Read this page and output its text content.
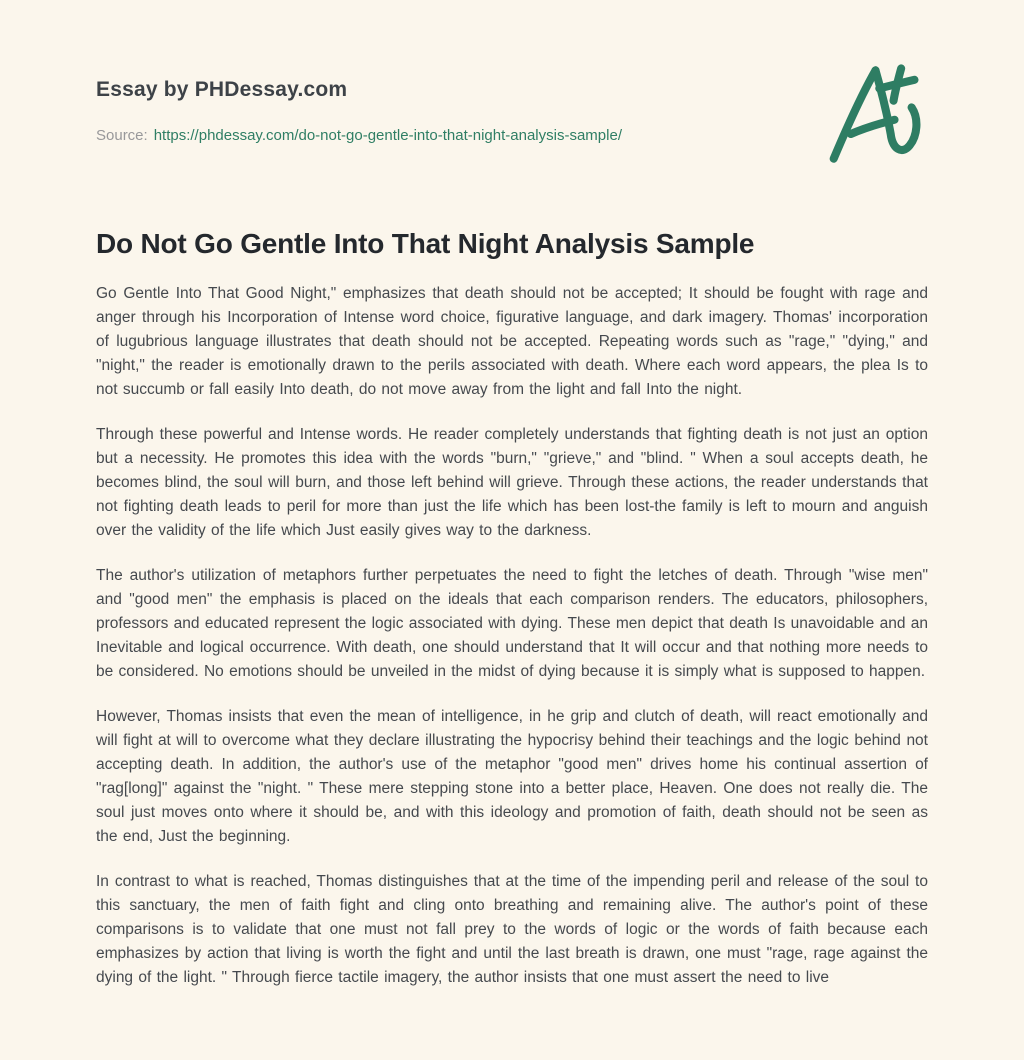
Essay by PHDessay.com
Source: https://phdessay.com/do-not-go-gentle-into-that-night-analysis-sample/
Do Not Go Gentle Into That Night Analysis Sample

Go Gentle Into That Good Night," emphasizes that death should not be accepted; It should be fought with rage and anger through his Incorporation of Intense word choice, figurative language, and dark imagery. Thomas' incorporation of lugubrious language illustrates that death should not be accepted. Repeating words such as "rage," "dying," and "night," the reader is emotionally drawn to the perils associated with death. Where each word appears, the plea Is to not succumb or fall easily Into death, do not move away from the light and fall Into the night.

Through these powerful and Intense words. He reader completely understands that fighting death is not just an option but a necessity. He promotes this idea with the words "burn," "grieve," and "blind. " When a soul accepts death, he becomes blind, the soul will burn, and those left behind will grieve. Through these actions, the reader understands that not fighting death leads to peril for more than just the life which has been lost-the family is left to mourn and anguish over the validity of the life which Just easily gives way to the darkness.

The author's utilization of metaphors further perpetuates the need to fight the letches of death. Through "wise men" and "good men" the emphasis is placed on the ideals that each comparison renders. The educators, philosophers, professors and educated represent the logic associated with dying. These men depict that death Is unavoidable and an Inevitable and logical occurrence. With death, one should understand that It will occur and that nothing more needs to be considered. No emotions should be unveiled in the midst of dying because it is simply what is supposed to happen.

However, Thomas insists that even the mean of intelligence, in he grip and clutch of death, will react emotionally and will fight at will to overcome what they declare illustrating the hypocrisy behind their teachings and the logic behind not accepting death. In addition, the author's use of the metaphor "good men" drives home his continual assertion of "rag[long]" against the "night. " These mere stepping stone into a better place, Heaven. One does not really die. The soul just moves onto where it should be, and with this ideology and promotion of faith, death should not be seen as the end, Just the beginning.

In contrast to what is reached, Thomas distinguishes that at the time of the impending peril and release of the soul to this sanctuary, the men of faith fight and cling onto breathing and remaining alive. The author's point of these comparisons is to validate that one must not fall prey to the words of logic or the words of faith because each emphasizes by action that living is worth the fight and until the last breath is drawn, one must "rage, rage against the dying of the light. " Through fierce tactile imagery, the author insists that one must assert the need to live
